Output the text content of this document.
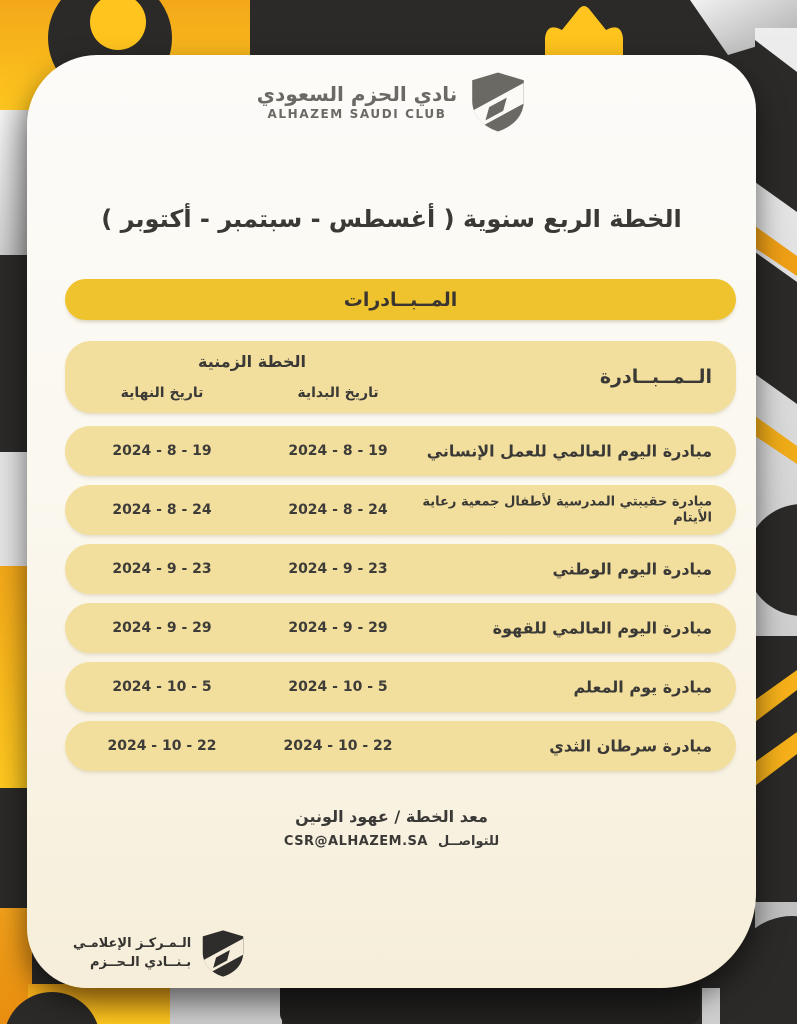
نادي الحزم السعودي
ALHAZEM SAUDI CLUB
الخطة الربع سنوية ( أغسطس - سبتمبر - أكتوبر )
المــبــادرات
الــمــبــادرة
الخطة الزمنية
تاريخ البداية
تاريخ النهاية
مبادرة اليوم العالمي للعمل الإنساني
19 - 8 - 2024
19 - 8 - 2024
مبادرة حقيبتي المدرسية لأطفال جمعية رعاية الأيتام
24 - 8 - 2024
24 - 8 - 2024
مبادرة اليوم الوطني
23 - 9 - 2024
23 - 9 - 2024
مبادرة اليوم العالمي للقهوة
29 - 9 - 2024
29 - 9 - 2024
مبادرة يوم المعلم
5 - 10 - 2024
5 - 10 - 2024
مبادرة سرطان الثدي
22 - 10 - 2024
22 - 10 - 2024
معد الخطة / عهود الونين
للتواصــل
CSR@ALHAZEM.SA
الـمـركـز الإعلامـي
بـنــادي الـحــزم
